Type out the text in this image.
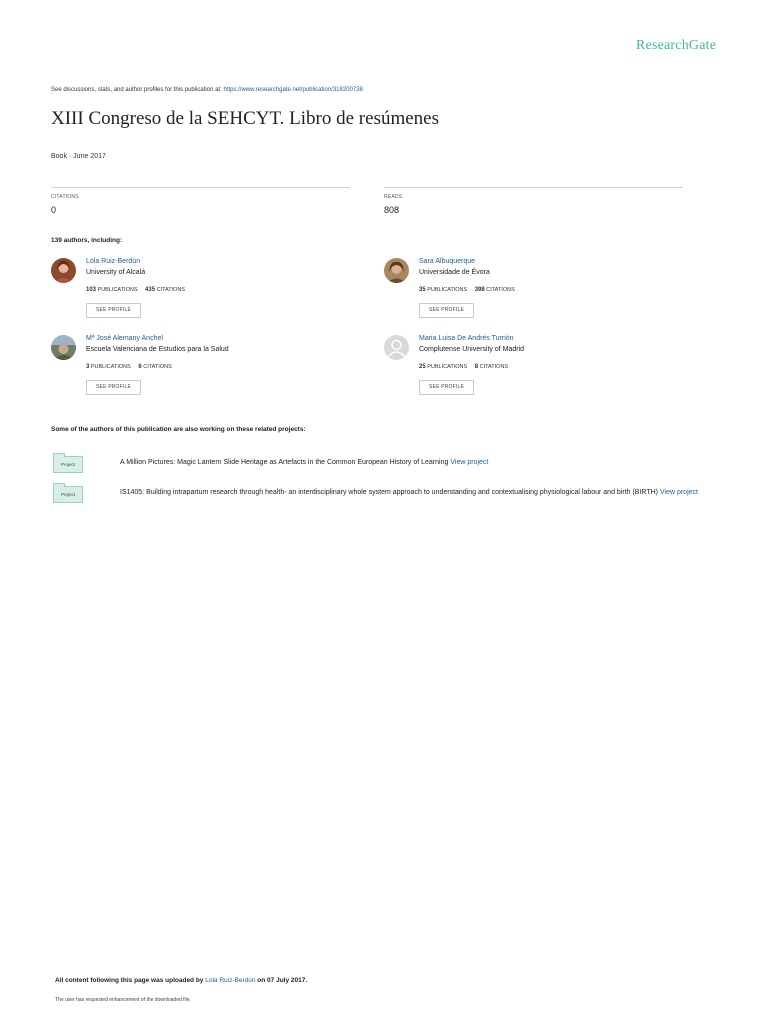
ResearchGate
See discussions, stats, and author profiles for this publication at: https://www.researchgate.net/publication/318200738
XIII Congreso de la SEHCYT. Libro de resúmenes
Book · June 2017
CITATIONS
0
READS
808
139 authors, including:
Lola Ruiz-Berdún
University of Alcalá
103 PUBLICATIONS 435 CITATIONS
SEE PROFILE
Sara Albuquerque
Universidade de Évora
35 PUBLICATIONS 398 CITATIONS
SEE PROFILE
Mª José Alemany Anchel
Escuela Valenciana de Estudios para la Salud
3 PUBLICATIONS 6 CITATIONS
SEE PROFILE
Maria Luisa De Andrés Turrión
Complutense University of Madrid
25 PUBLICATIONS 8 CITATIONS
SEE PROFILE
Some of the authors of this publication are also working on these related projects:
Project	A Million Pictures: Magic Lantern Slide Heritage as Artefacts in the Common European History of Learning View project
Project	IS1405: Building intrapartum research through health- an interdisciplinary whole system approach to understanding and contextualising physiological labour and birth (BIRTH) View project
All content following this page was uploaded by Lola Ruiz-Berdún on 07 July 2017.
The user has requested enhancement of the downloaded file.
